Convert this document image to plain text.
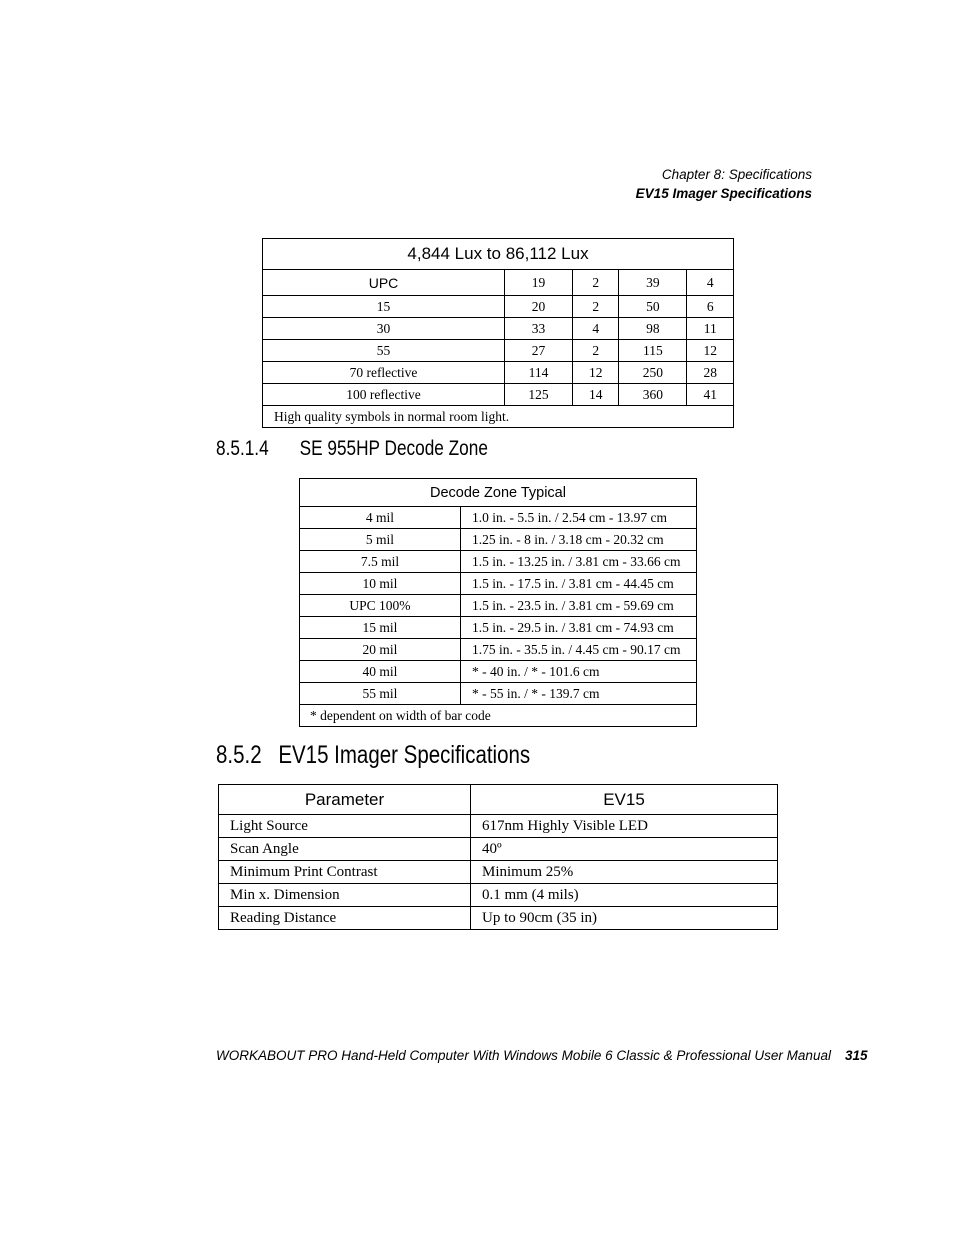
Chapter 8: Specifications
EV15 Imager Specifications
4,844 Lux to 86,112 Lux				
UPC	19	2	39	4
15	20	2	50	6
30	33	4	98	11
55	27	2	115	12
70 reflective	114	12	250	28
100 reflective	125	14	360	41
High quality symbols in normal room light.				
8.5.1.4 SE 955HP Decode Zone
Decode Zone Typical	
4 mil	1.0 in. - 5.5 in. / 2.54 cm - 13.97 cm
5 mil	1.25 in. - 8 in. / 3.18 cm - 20.32 cm
7.5 mil	1.5 in. - 13.25 in. / 3.81 cm - 33.66 cm
10 mil	1.5 in. - 17.5 in. / 3.81 cm - 44.45 cm
UPC 100%	1.5 in. - 23.5 in. / 3.81 cm - 59.69 cm
15 mil	1.5 in. - 29.5 in. / 3.81 cm - 74.93 cm
20 mil	1.75 in. - 35.5 in. / 4.45 cm - 90.17 cm
40 mil	* - 40 in. / * - 101.6 cm
55 mil	* - 55 in. / * - 139.7 cm
* dependent on width of bar code	
8.5.2 EV15 Imager Specifications
Parameter	EV15
Light Source	617nm Highly Visible LED
Scan Angle	40º
Minimum Print Contrast	Minimum 25%
Min x. Dimension	0.1 mm (4 mils)
Reading Distance	Up to 90cm (35 in)
WORKABOUT PRO Hand-Held Computer With Windows Mobile 6 Classic & Professional User Manual 315
